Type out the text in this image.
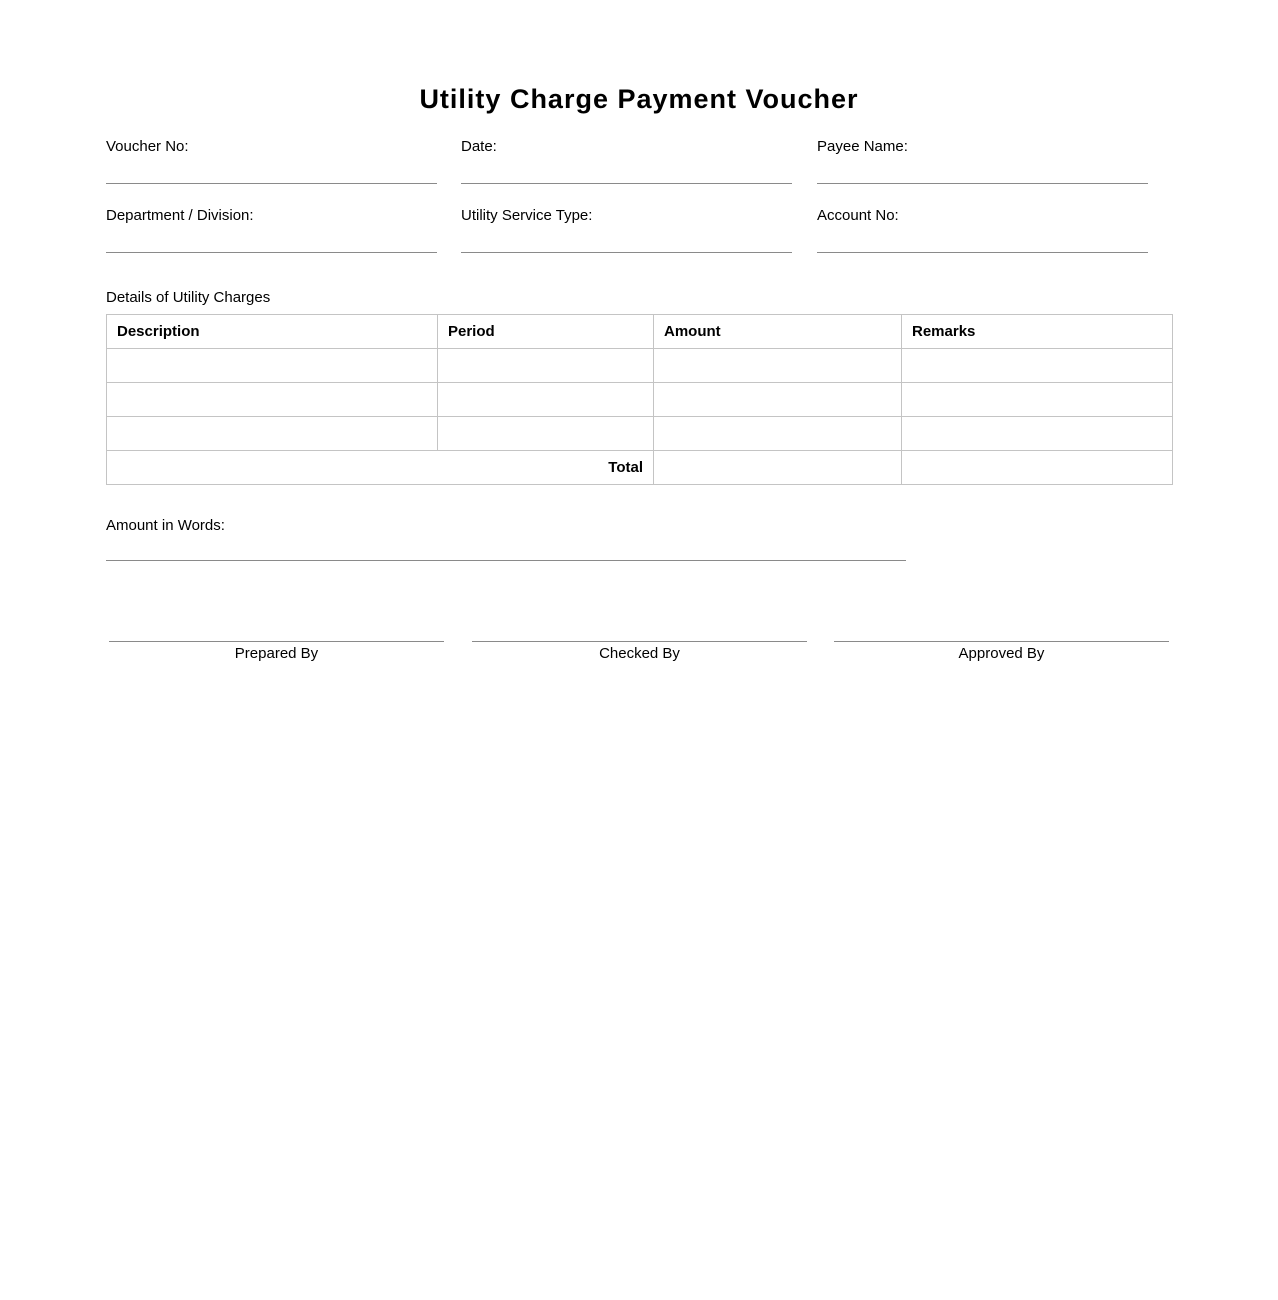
Utility Charge Payment Voucher
Voucher No:	Date:	Payee Name:
Department / Division:	Utility Service Type:	Account No:
Details of Utility Charges
Description	Period	Amount	Remarks

Total			
Amount in Words:
Prepared By	Checked By	Approved By
